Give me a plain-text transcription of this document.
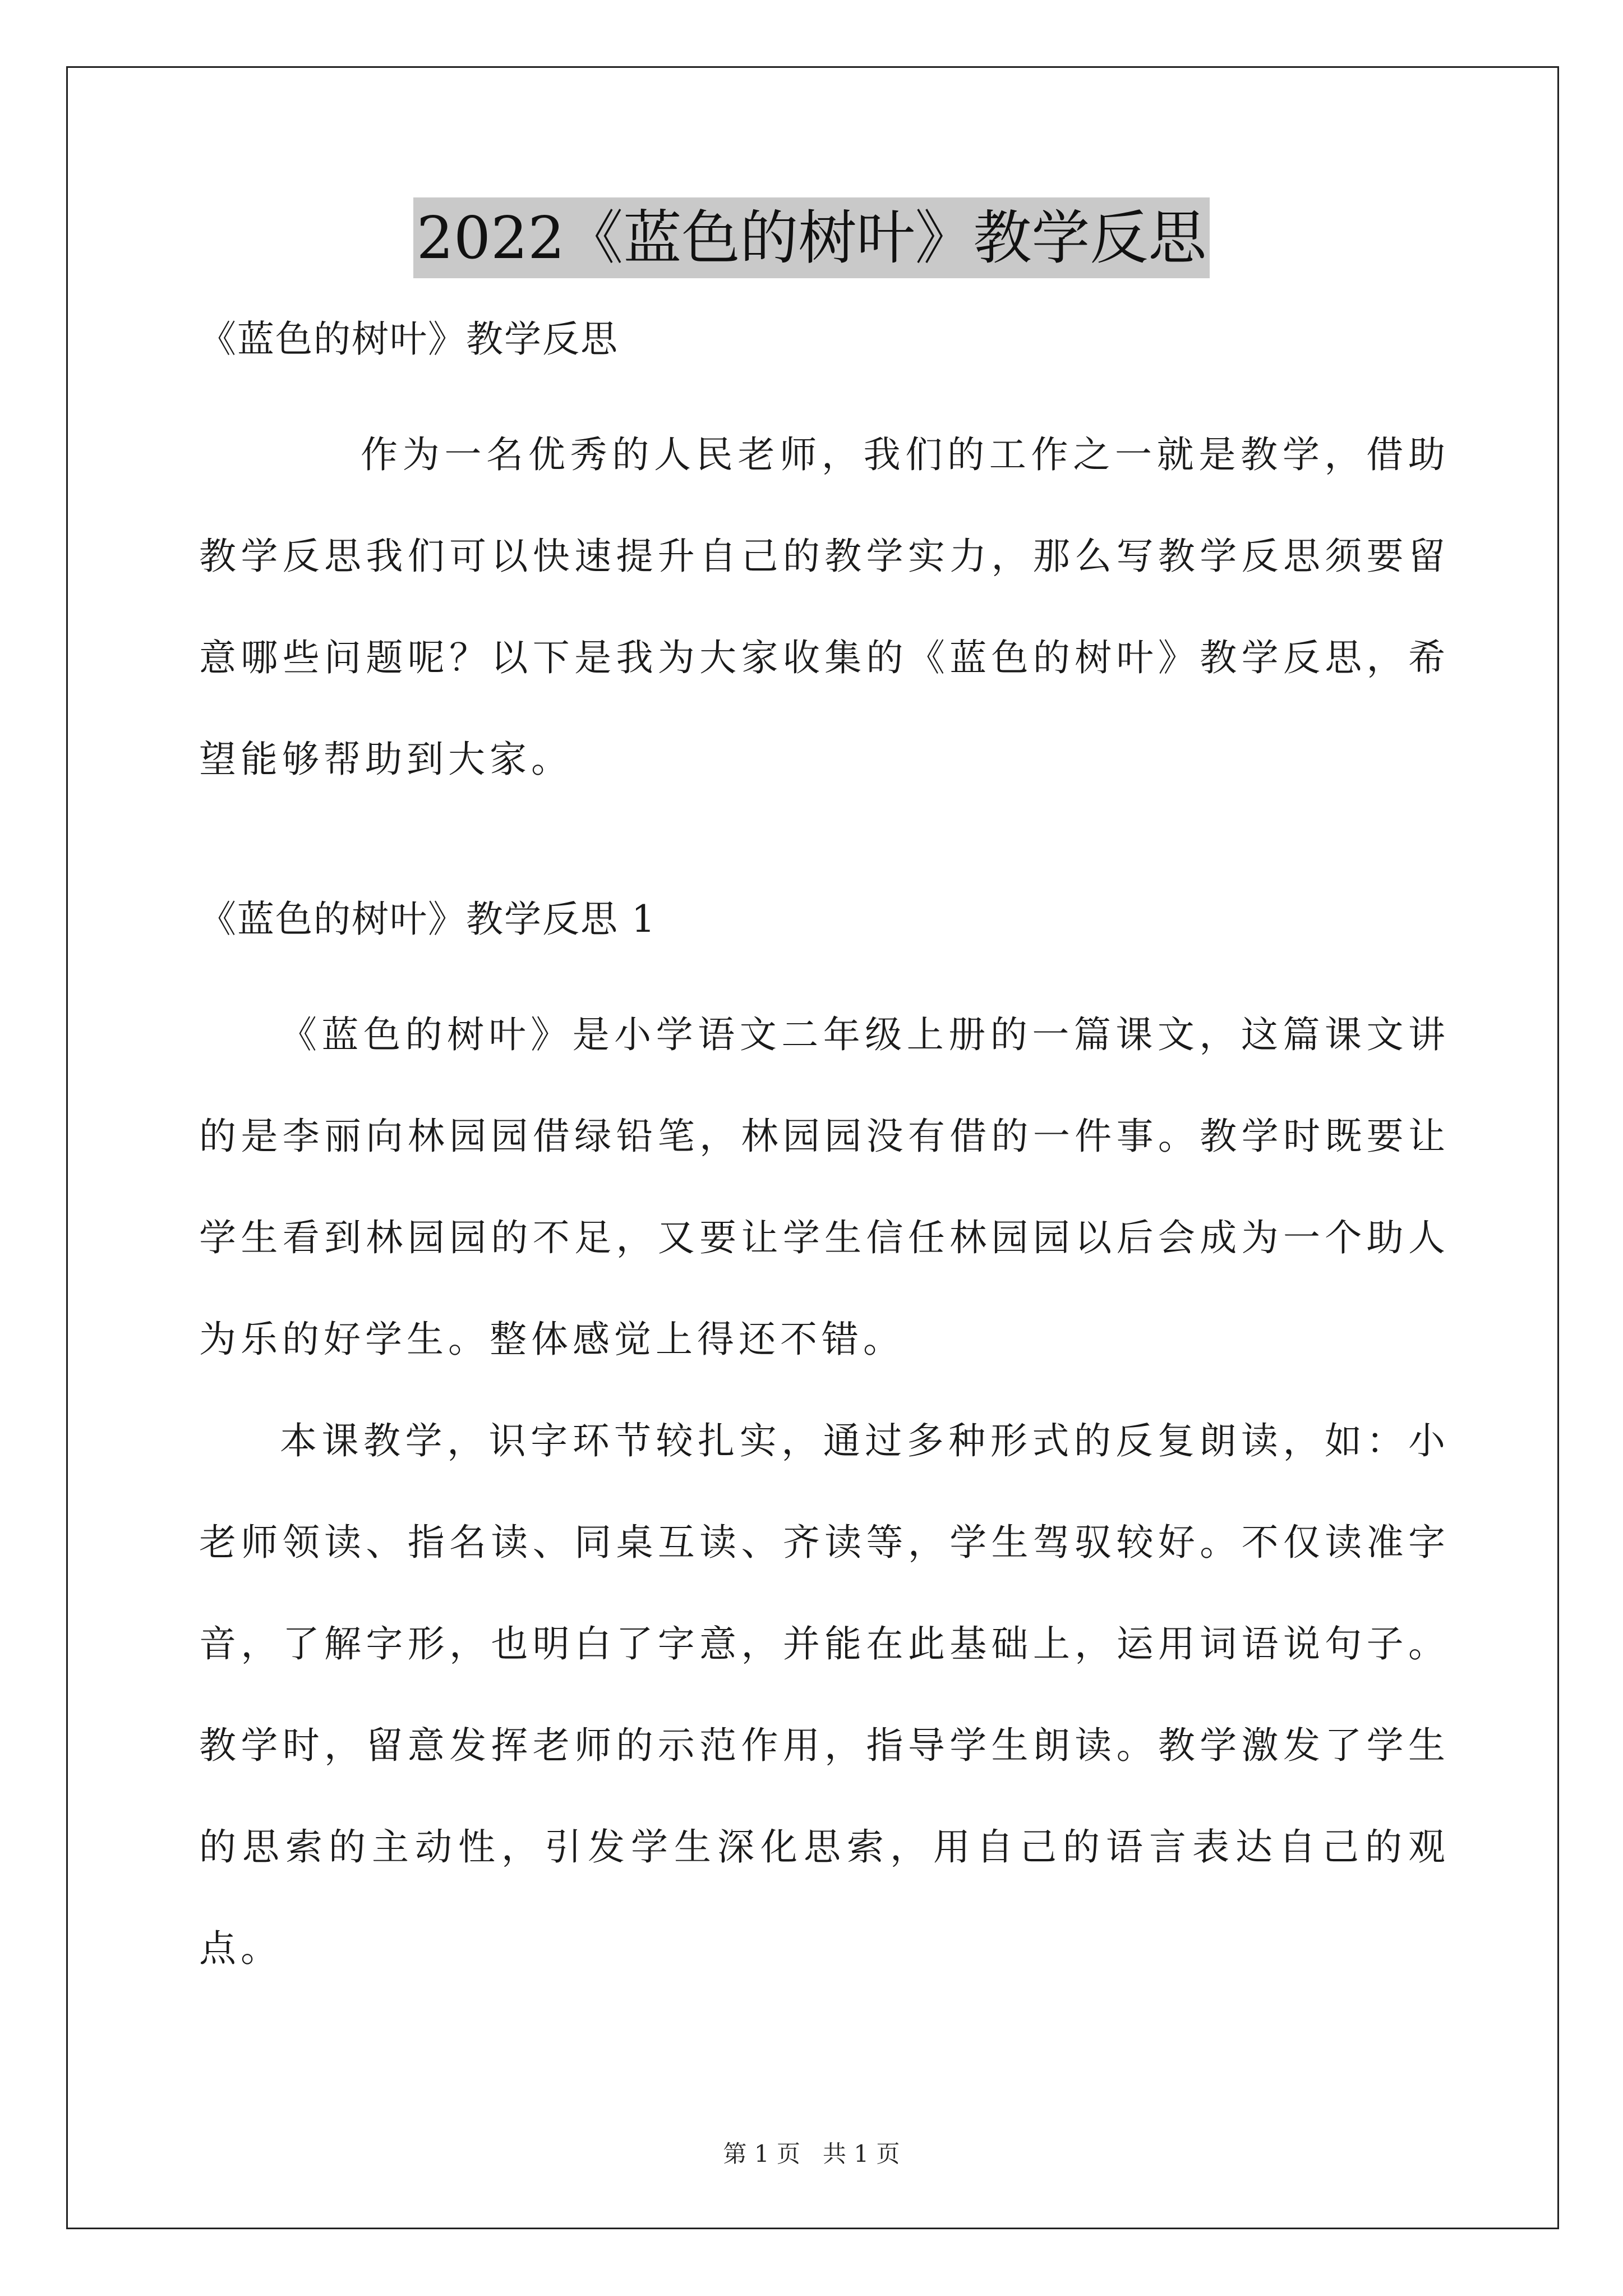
2022《蓝色的树叶》教学反思
《蓝色的树叶》教学反思

作为一名优秀的人民老师，我们的工作之一就是教学，借助教学反思我们可以快速提升自己的教学实力，那么写教学反思须要留意哪些问题呢？以下是我为大家收集的《蓝色的树叶》教学反思，希望能够帮助到大家。

《蓝色的树叶》教学反思 1

《蓝色的树叶》是小学语文二年级上册的一篇课文，这篇课文讲的是李丽向林园园借绿铅笔，林园园没有借的一件事。教学时既要让学生看到林园园的不足，又要让学生信任林园园以后会成为一个助人为乐的好学生。整体感觉上得还不错。

本课教学，识字环节较扎实，通过多种形式的反复朗读，如：小老师领读、指名读、同桌互读、齐读等，学生驾驭较好。不仅读准字音，了解字形，也明白了字意，并能在此基础上，运用词语说句子。教学时，留意发挥老师的示范作用，指导学生朗读。教学激发了学生的思索的主动性，引发学生深化思索，用自己的语言表达自己的观点。

第 1 页   共 1 页
